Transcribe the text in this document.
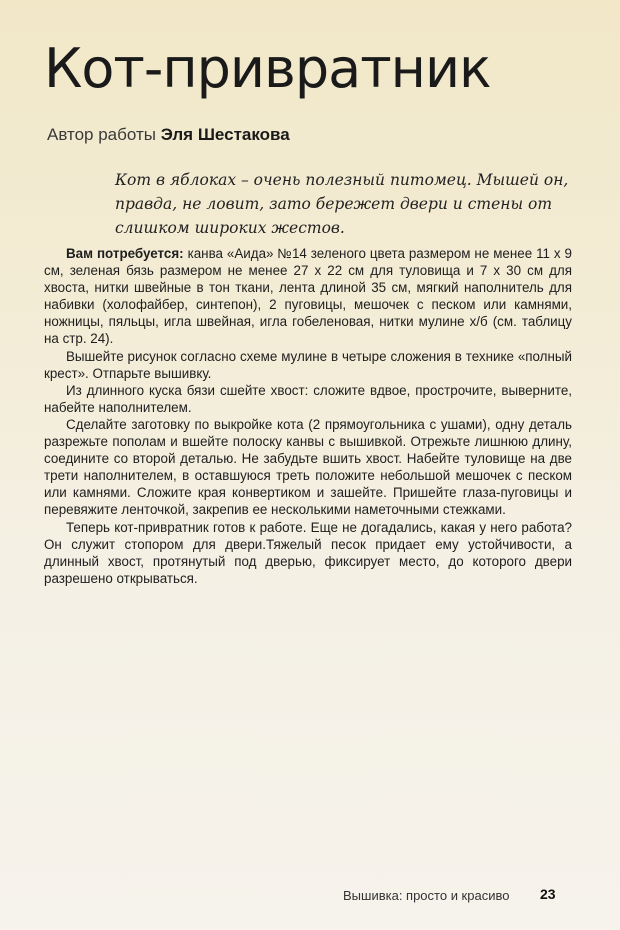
Кот-привратник
Автор работы Эля Шестакова
Кот в яблоках – очень полезный питомец. Мышей он, правда, не ловит, зато бережет двери и стены от слишком широких жестов.

Вам потребуется: канва «Аида» №14 зеленого цвета размером не менее 11 х 9 см, зеленая бязь размером не менее 27 х 22 см для туловища и 7 х 30 см для хвоста, нитки швейные в тон ткани, лента длиной 35 см, мягкий наполнитель для набивки (холофайбер, синтепон), 2 пуговицы, мешочек с песком или камнями, ножницы, пяльцы, игла швейная, игла гобеленовая, нитки мулине х/б (см. таблицу на стр. 24).

Вышейте рисунок согласно схеме мулине в четыре сложения в технике «полный крест». Отпарьте вышивку.

Из длинного куска бязи сшейте хвост: сложите вдвое, прострочите, выверните, набейте наполнителем.

Сделайте заготовку по выкройке кота (2 прямоугольника с ушами), одну деталь разрежьте пополам и вшейте полоску канвы с вышивкой. Отрежьте лишнюю длину, соедините со второй деталью. Не забудьте вшить хвост. Набейте туловище на две трети наполнителем, в оставшуюся треть положите небольшой мешочек с песком или камнями. Сложите края конвертиком и зашейте. Пришейте глаза-пуговицы и перевяжите ленточкой, закрепив ее несколькими наметочными стежками.

Теперь кот-привратник готов к работе. Еще не догадались, какая у него работа? Он служит стопором для двери.Тяжелый песок придает ему устойчивости, а длинный хвост, протянутый под дверью, фиксирует место, до которого двери разрешено открываться.

Вышивка: просто и красиво 23
